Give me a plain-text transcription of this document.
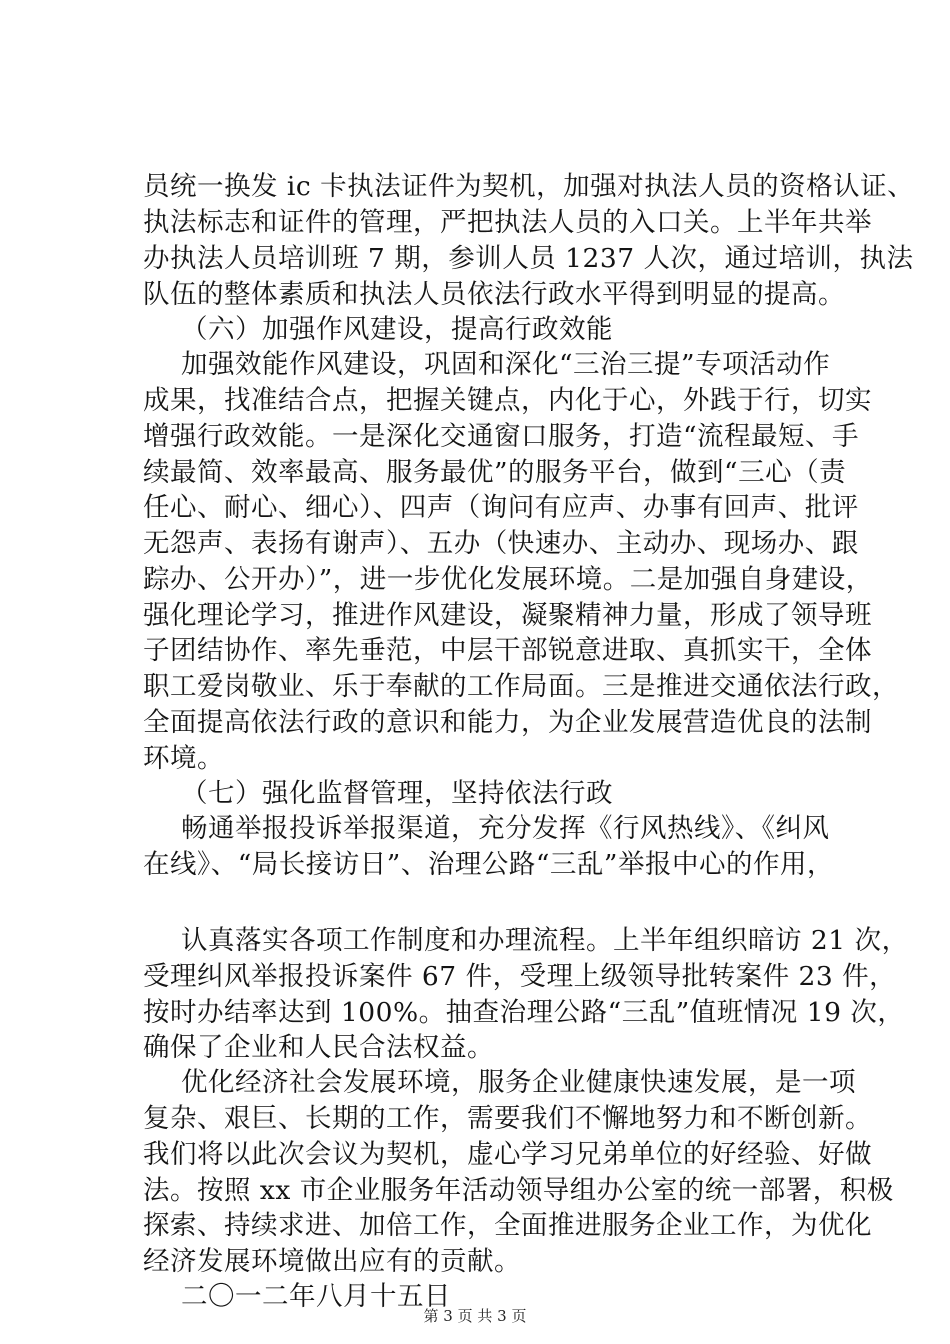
员统一换发 ic 卡执法证件为契机，加强对执法人员的资格认证、
执法标志和证件的管理，严把执法人员的入口关。上半年共举
办执法人员培训班 7 期，参训人员 1237 人次，通过培训，执法
队伍的整体素质和执法人员依法行政水平得到明显的提高。
（六）加强作风建设，提高行政效能
加强效能作风建设，巩固和深化“三治三提”专项活动作
成果，找准结合点，把握关键点，内化于心，外践于行，切实
增强行政效能。一是深化交通窗口服务，打造“流程最短、手
续最简、效率最高、服务最优”的服务平台，做到“三心（责
任心、耐心、细心）、四声（询问有应声、办事有回声、批评
无怨声、表扬有谢声）、五办（快速办、主动办、现场办、跟
踪办、公开办）”，进一步优化发展环境。二是加强自身建设，
强化理论学习，推进作风建设，凝聚精神力量，形成了领导班
子团结协作、率先垂范，中层干部锐意进取、真抓实干，全体
职工爱岗敬业、乐于奉献的工作局面。三是推进交通依法行政，
全面提高依法行政的意识和能力，为企业发展营造优良的法制
环境。
（七）强化监督管理，坚持依法行政
畅通举报投诉举报渠道，充分发挥《行风热线》、《纠风
在线》、“局长接访日”、治理公路“三乱”举报中心的作用，
认真落实各项工作制度和办理流程。上半年组织暗访 21 次，
受理纠风举报投诉案件 67 件，受理上级领导批转案件 23 件，
按时办结率达到 100%。抽查治理公路“三乱”值班情况 19 次，
确保了企业和人民合法权益。
优化经济社会发展环境，服务企业健康快速发展，是一项
复杂、艰巨、长期的工作，需要我们不懈地努力和不断创新。
我们将以此次会议为契机，虚心学习兄弟单位的好经验、好做
法。按照 xx 市企业服务年活动领导组办公室的统一部署，积极
探索、持续求进、加倍工作，全面推进服务企业工作，为优化
经济发展环境做出应有的贡献。
二〇一二年八月十五日
第 3 页 共 3 页
